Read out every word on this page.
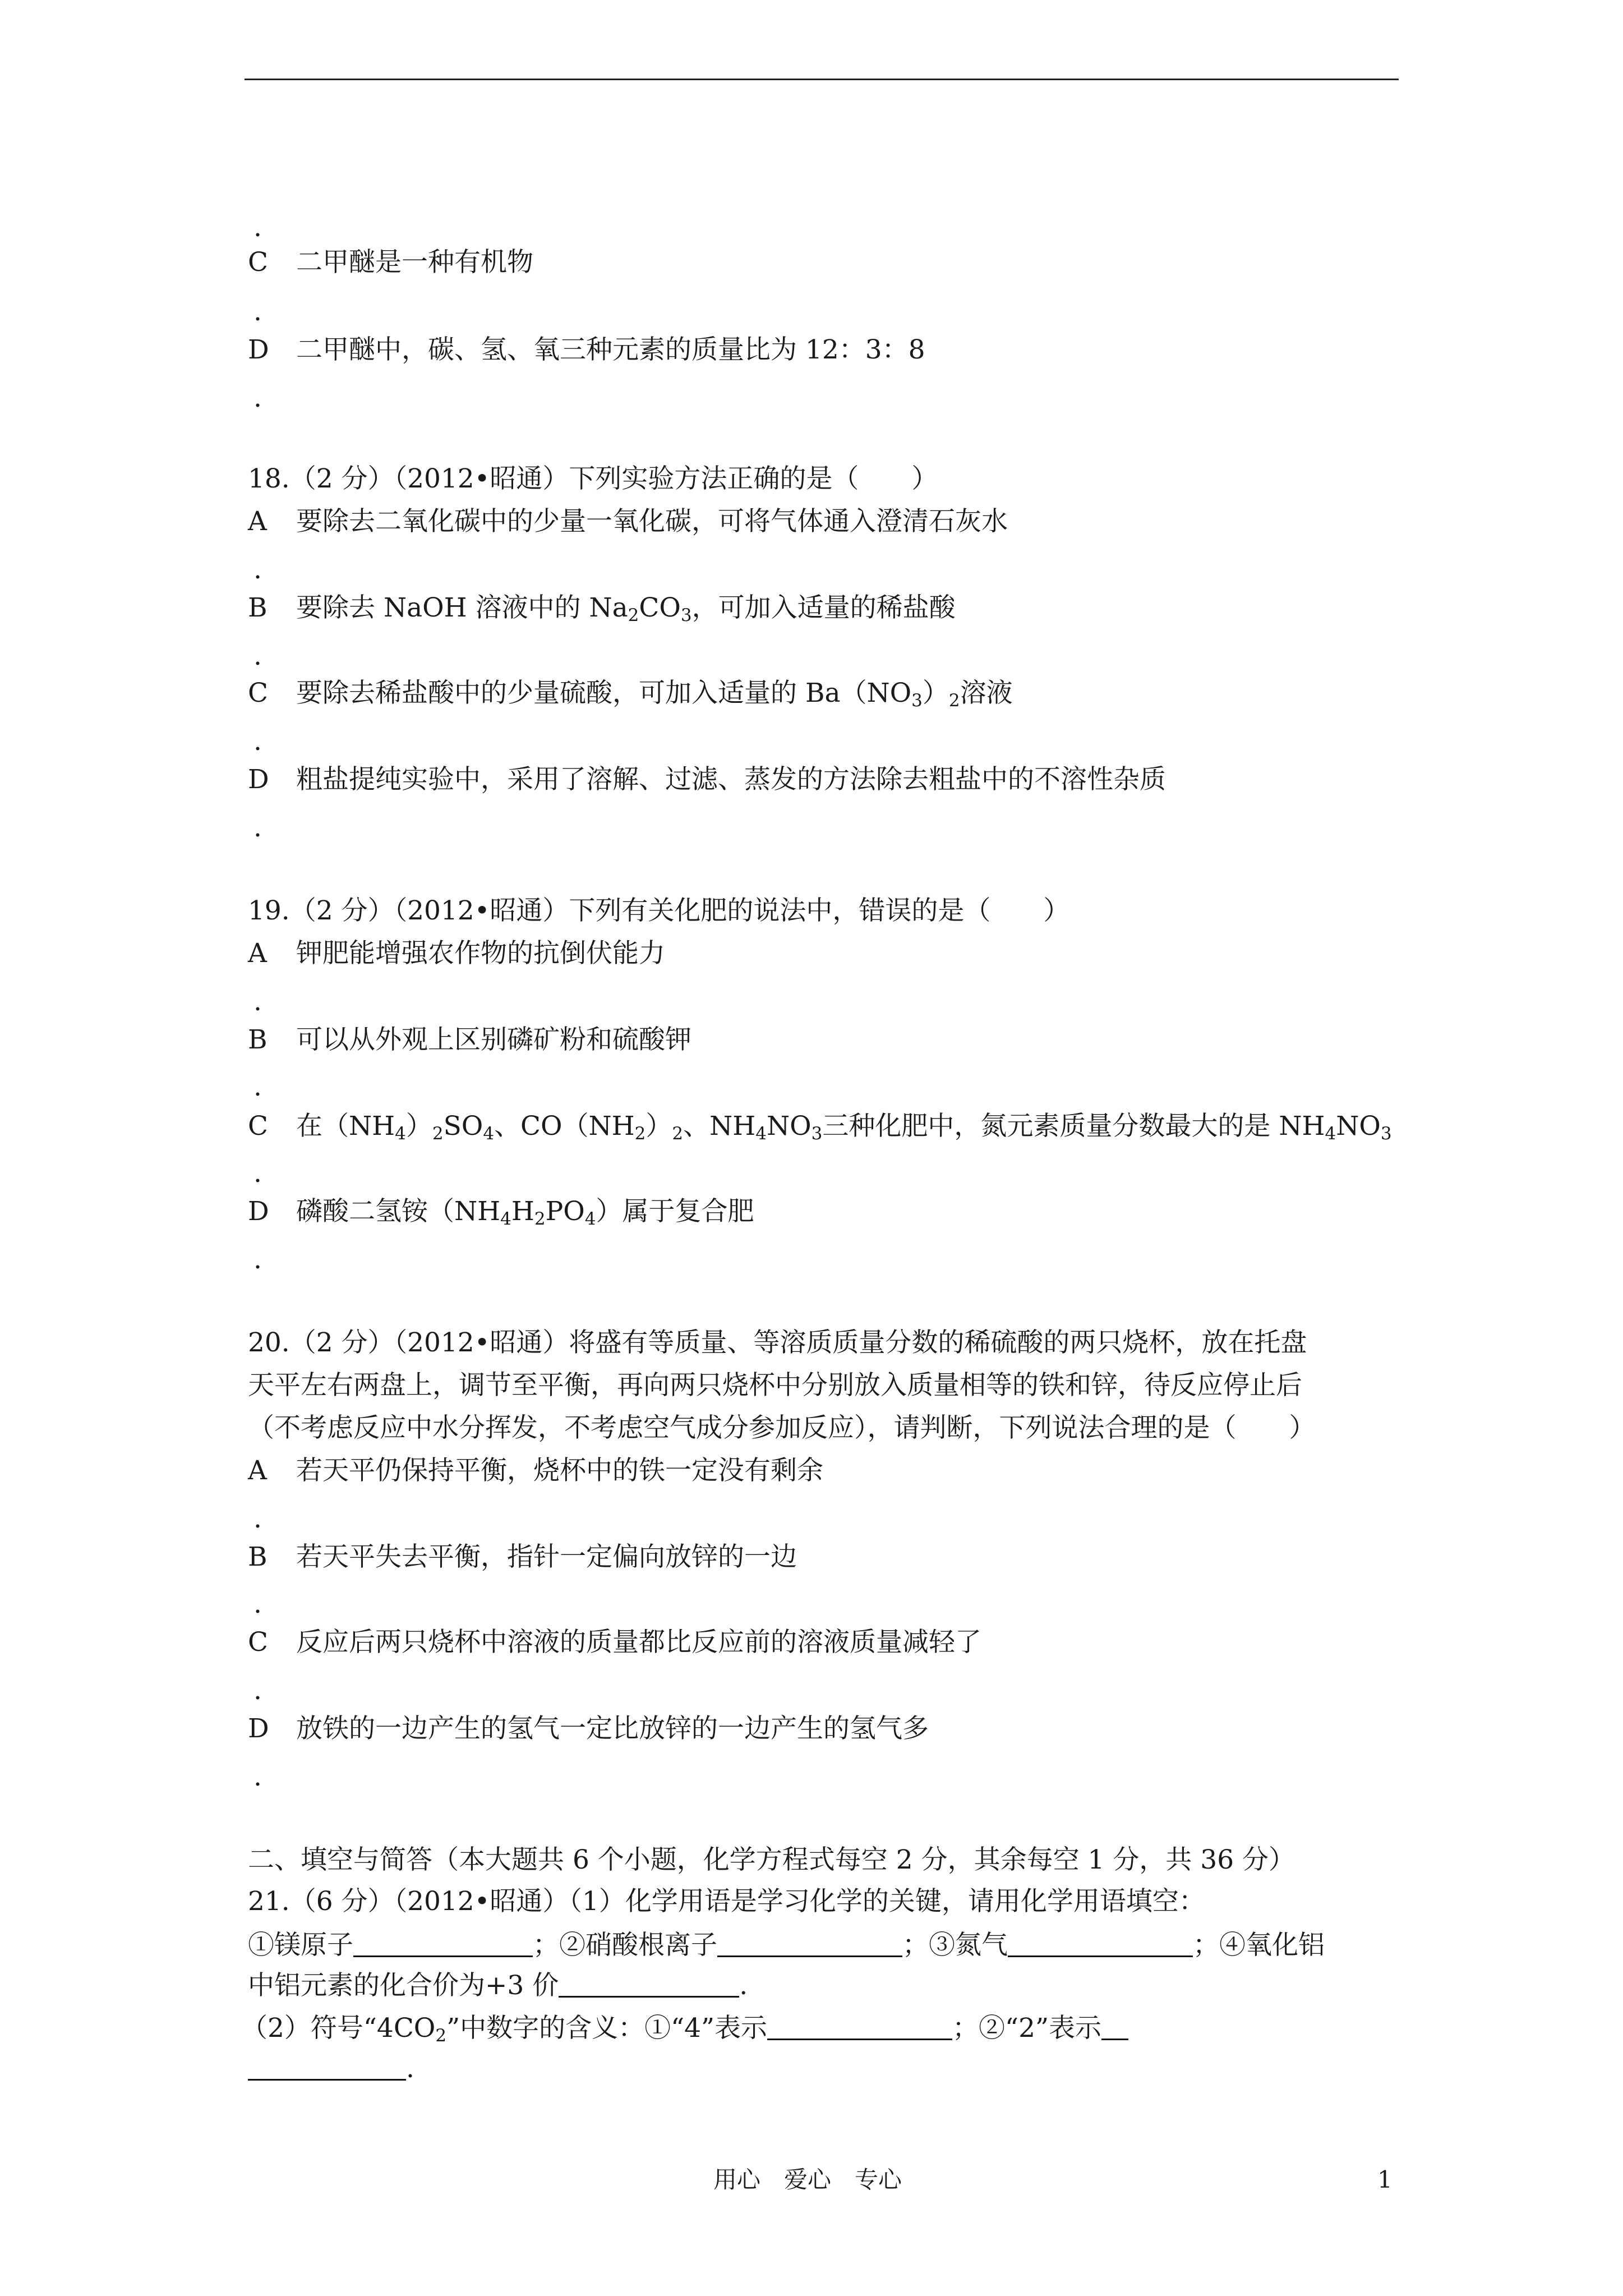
.
C 二甲醚是一种有机物
.
D 二甲醚中，碳、氢、氧三种元素的质量比为 12：3：8
.
18.（2 分）（2012•昭通）下列实验方法正确的是（　　）
A 要除去二氧化碳中的少量一氧化碳，可将气体通入澄清石灰水
.
B 要除去 NaOH 溶液中的 $Na_2CO_3$，可加入适量的稀盐酸
.
C 要除去稀盐酸中的少量硫酸，可加入适量的 $Ba(NO_3)_2$溶液
.
D 粗盐提纯实验中，采用了溶解、过滤、蒸发的方法除去粗盐中的不溶性杂质
.
19.（2 分）（2012•昭通）下列有关化肥的说法中，错误的是（　　）
A 钾肥能增强农作物的抗倒伏能力
.
B 可以从外观上区别磷矿粉和硫酸钾
.
C 在$(NH_4)_2SO_4$、$CO(NH_2)_2$、$NH_4NO_3$三种化肥中，氮元素质量分数最大的是 $NH_4NO_3$
.
D 磷酸二氢铵$(NH_4H_2PO_4)$属于复合肥
.
20.（2 分）（2012•昭通）将盛有等质量、等溶质质量分数的稀硫酸的两只烧杯，放在托盘
天平左右两盘上，调节至平衡，再向两只烧杯中分别放入质量相等的铁和锌，待反应停止后
（不考虑反应中水分挥发，不考虑空气成分参加反应），请判断，下列说法合理的是（　　）
A 若天平仍保持平衡，烧杯中的铁一定没有剩余
.
B 若天平失去平衡，指针一定偏向放锌的一边
.
C 反应后两只烧杯中溶液的质量都比反应前的溶液质量减轻了
.
D 放铁的一边产生的氢气一定比放锌的一边产生的氢气多
.
二、填空与简答（本大题共 6 个小题，化学方程式每空 2 分，其余每空 1 分，共 36 分）
21.（6 分）（2012•昭通）（1）化学用语是学习化学的关键，请用化学用语填空：
①镁原子	；②硝酸根离子	；③氮气	；④氧化铝
中铝元素的化合价为+3 价	.
（2）符号“$4CO_2$”中数字的含义：①“4”表示	；②“2”表示
.
用心　爱心　专心	1
